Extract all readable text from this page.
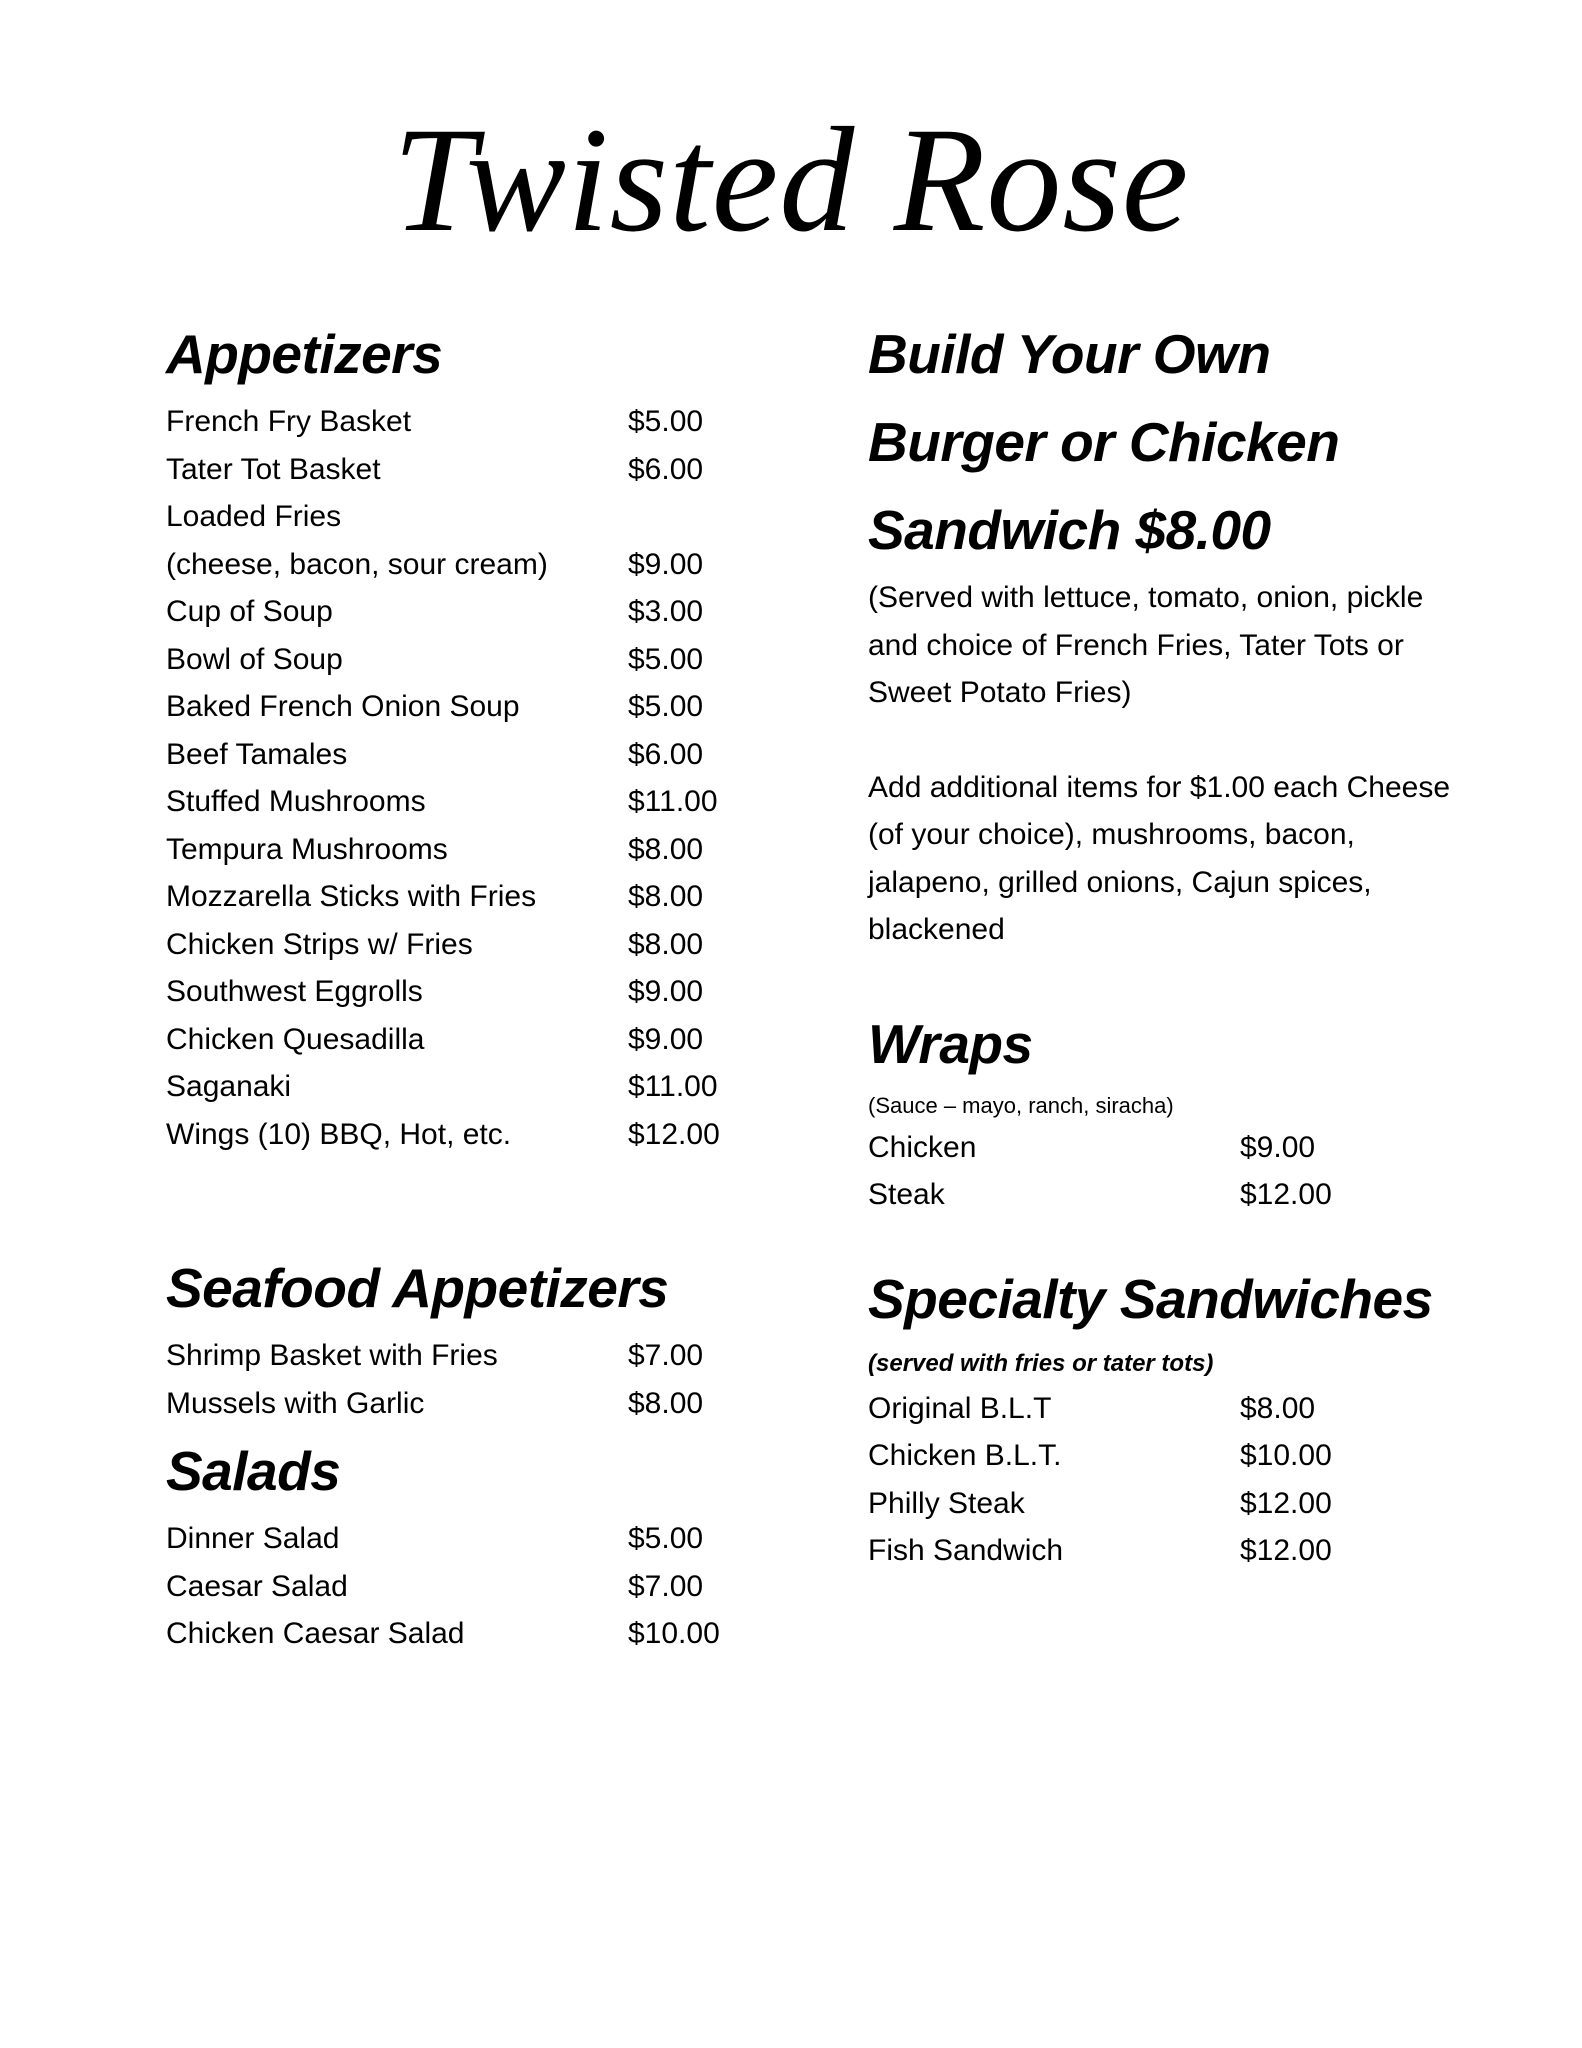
Twisted Rose
Appetizers
French Fry Basket	$5.00
Tater Tot Basket	$6.00
Loaded Fries
(cheese, bacon, sour cream)	$9.00
Cup of Soup	$3.00
Bowl of Soup	$5.00
Baked French Onion Soup	$5.00
Beef Tamales	$6.00
Stuffed Mushrooms	$11.00
Tempura Mushrooms	$8.00
Mozzarella Sticks with Fries	$8.00
Chicken Strips w/ Fries	$8.00
Southwest Eggrolls	$9.00
Chicken Quesadilla	$9.00
Saganaki	$11.00
Wings (10) BBQ, Hot, etc.	$12.00
Seafood Appetizers
Shrimp Basket with Fries	$7.00
Mussels with Garlic	$8.00
Salads
Dinner Salad	$5.00
Caesar Salad	$7.00
Chicken Caesar Salad	$10.00
Build Your Own
Burger or Chicken
Sandwich $8.00

(Served with lettuce, tomato, onion, pickle and choice of French Fries, Tater Tots or Sweet Potato Fries)

Add additional items for $1.00 each Cheese (of your choice), mushrooms, bacon, jalapeno, grilled onions, Cajun spices, blackened

Wraps

(Sauce – mayo, ranch, siracha)

Chicken	$9.00
Steak	$12.00
Specialty Sandwiches

(served with fries or tater tots)

Original B.L.T	$8.00
Chicken B.L.T.	$10.00
Philly Steak	$12.00
Fish Sandwich	$12.00
